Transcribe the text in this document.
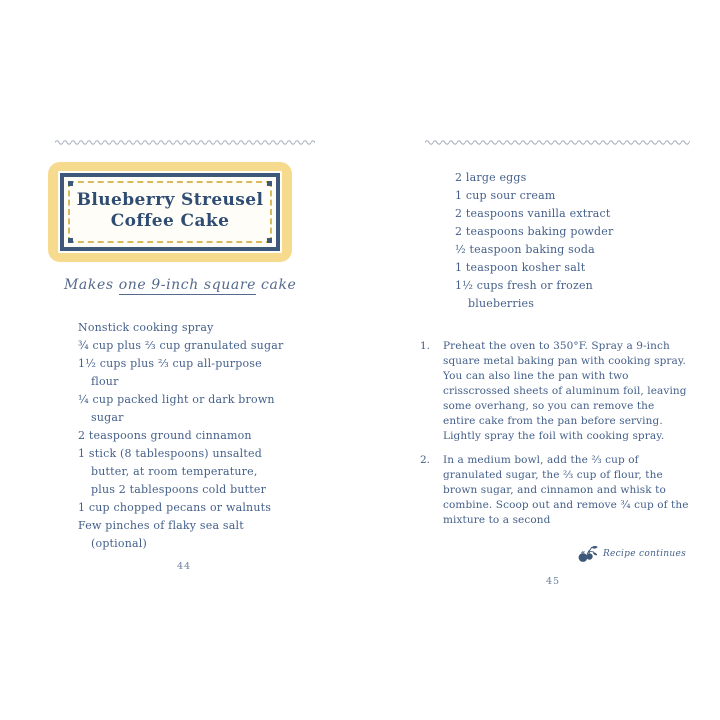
Blueberry Streusel
Coffee Cake
Makes one 9-inch square cake
Nonstick cooking spray
¾ cup plus ⅔ cup granulated sugar
1½ cups plus ⅔ cup all-purpose
flour
¼ cup packed light or dark brown
sugar
2 teaspoons ground cinnamon
1 stick (8 tablespoons) unsalted
butter, at room temperature,
plus 2 tablespoons cold butter
1 cup chopped pecans or walnuts
Few pinches of flaky sea salt
(optional)
44
2 large eggs
1 cup sour cream
2 teaspoons vanilla extract
2 teaspoons baking powder
½ teaspoon baking soda
1 teaspoon kosher salt
1½ cups fresh or frozen
blueberries
1.	Preheat the oven to 350°F. Spray a 9-inch square metal baking pan with cooking spray. You can also line the pan with two crisscrossed sheets of aluminum foil, leaving some overhang, so you can remove the entire cake from the pan before serving. Lightly spray the foil with cooking spray.

2.	In a medium bowl, add the ⅔ cup of granulated sugar, the ⅔ cup of flour, the brown sugar, and cinnamon and whisk to combine. Scoop out and remove ¾ cup of the mixture to a second

Recipe continues
45
